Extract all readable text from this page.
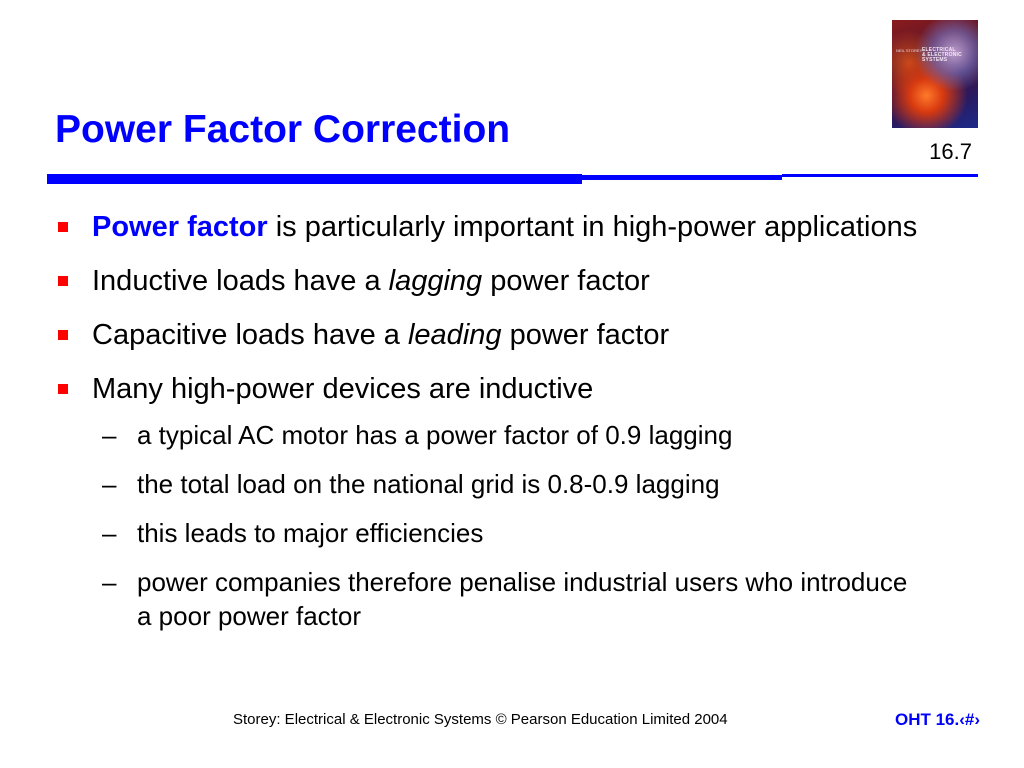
NEIL STOREY ELECTRICAL
& ELECTRONIC
SYSTEMS
Power Factor Correction
16.7
Power factor is particularly important in high-power applications
Inductive loads have a lagging power factor
Capacitive loads have a leading power factor
Many high-power devices are inductive
– a typical AC motor has a power factor of 0.9 lagging
– the total load on the national grid is 0.8-0.9 lagging
– this leads to major efficiencies
– power companies therefore penalise industrial users who introduce a poor power factor
Storey: Electrical & Electronic Systems © Pearson Education Limited 2004	OHT 16.‹#›
